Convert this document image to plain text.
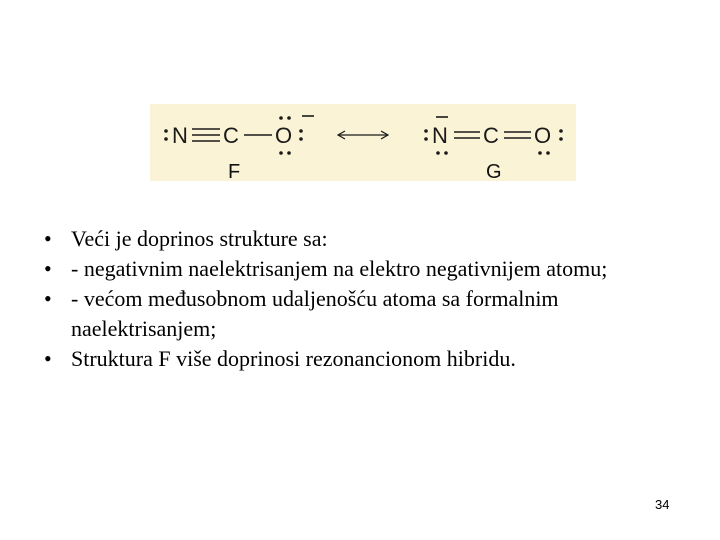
N C O
F
N C O
G
• Veći je doprinos strukture sa:
• - negativnim naelektrisanjem na elektro negativnijem atomu;
• - većom međusobnom udaljenošću atoma sa formalnim naelektrisanjem;
• Struktura F više doprinosi rezonancionom hibridu.
34
